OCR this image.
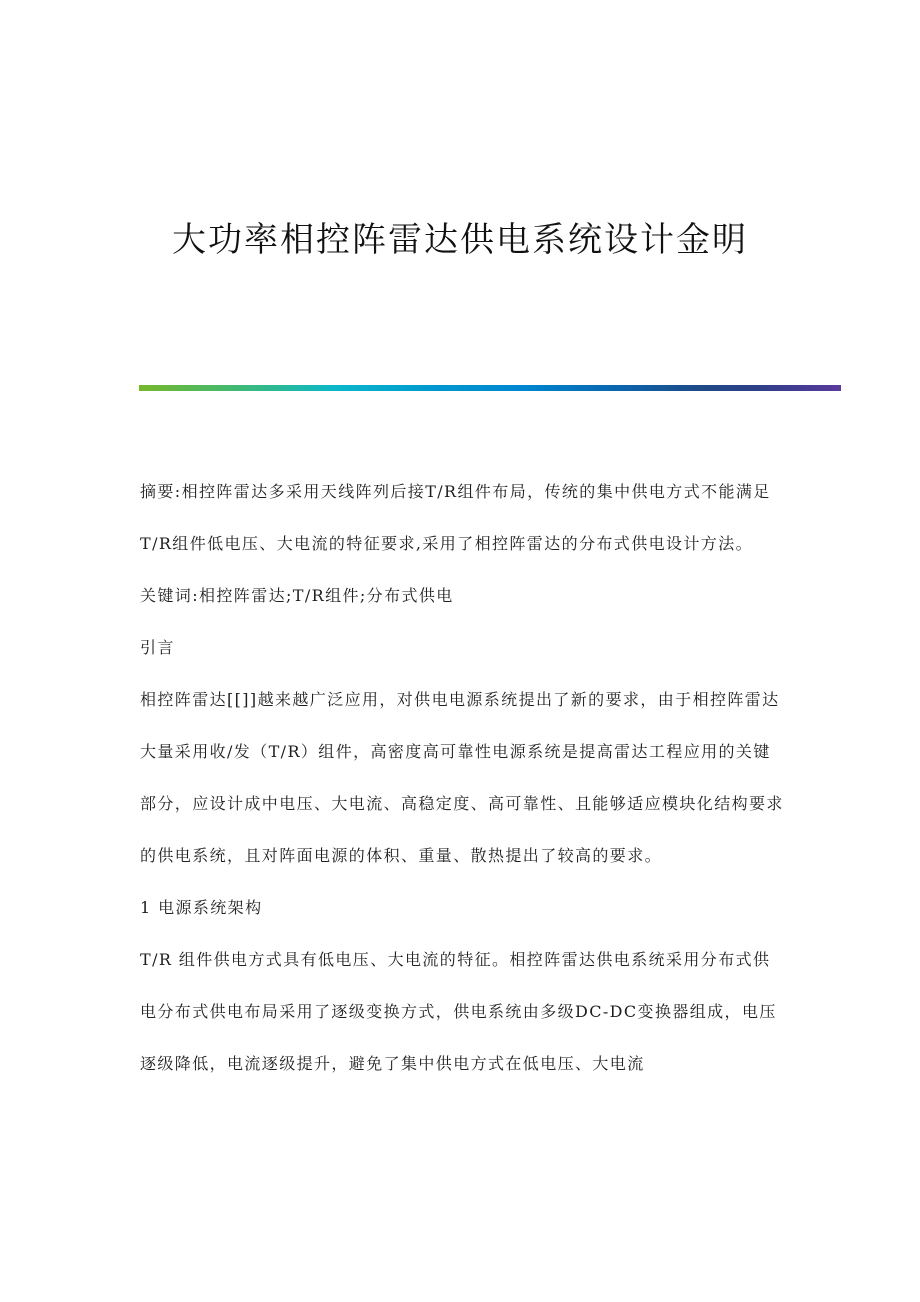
大功率相控阵雷达供电系统设计金明

摘要:相控阵雷达多采用天线阵列后接T/R组件布局，传统的集中供电方式不能满足T/R组件低电压、大电流的特征要求,采用了相控阵雷达的分布式供电设计方法。

关键词:相控阵雷达;T/R组件;分布式供电

引言

相控阵雷达[[]]越来越广泛应用，对供电电源系统提出了新的要求，由于相控阵雷达大量采用收/发（T/R）组件，高密度高可靠性电源系统是提高雷达工程应用的关键部分，应设计成中电压、大电流、高稳定度、高可靠性、且能够适应模块化结构要求的供电系统，且对阵面电源的体积、重量、散热提出了较高的要求。

1 电源系统架构

T/R 组件供电方式具有低电压、大电流的特征。相控阵雷达供电系统采用分布式供电分布式供电布局采用了逐级变换方式，供电系统由多级DC-DC变换器组成，电压逐级降低，电流逐级提升，避免了集中供电方式在低电压、大电流
